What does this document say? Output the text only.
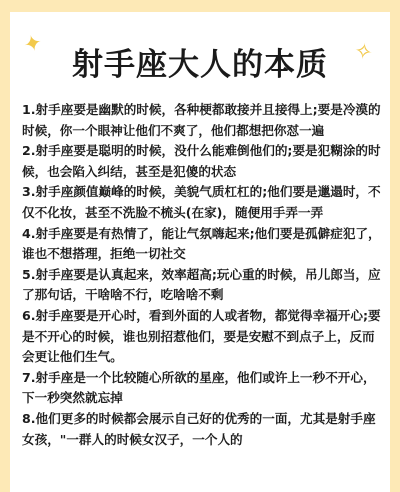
✦	✧
射手座大人的本质

1.射手座要是幽默的时候，各种梗都敢接并且接得上;要是冷漠的时候，你一个眼神让他们不爽了，他们都想把你怼一遍

2.射手座要是聪明的时候，没什么能难倒他们的;要是犯糊涂的时候，也会陷入纠结，甚至是犯傻的状态

3.射手座颜值巅峰的时候，美貌气质杠杠的;他们要是邋遢时，不仅不化妆，甚至不洗脸不梳头(在家)，随便用手弄一弄

4.射手座要是有热情了，能让气氛嗨起来;他们要是孤僻症犯了，谁也不想搭理，拒绝一切社交

5.射手座要是认真起来，效率超高;玩心重的时候，吊儿郎当，应了那句话，干啥啥不行，吃啥啥不剩

6.射手座要是开心时，看到外面的人或者物，都觉得幸福开心;要是不开心的时候，谁也别招惹他们，要是安慰不到点子上，反而会更让他们生气。

7.射手座是一个比较随心所欲的星座，他们或许上一秒不开心，下一秒突然就忘掉

8.他们更多的时候都会展示自己好的优秀的一面，尤其是射手座女孩，"一群人的时候女汉子，一个人的
